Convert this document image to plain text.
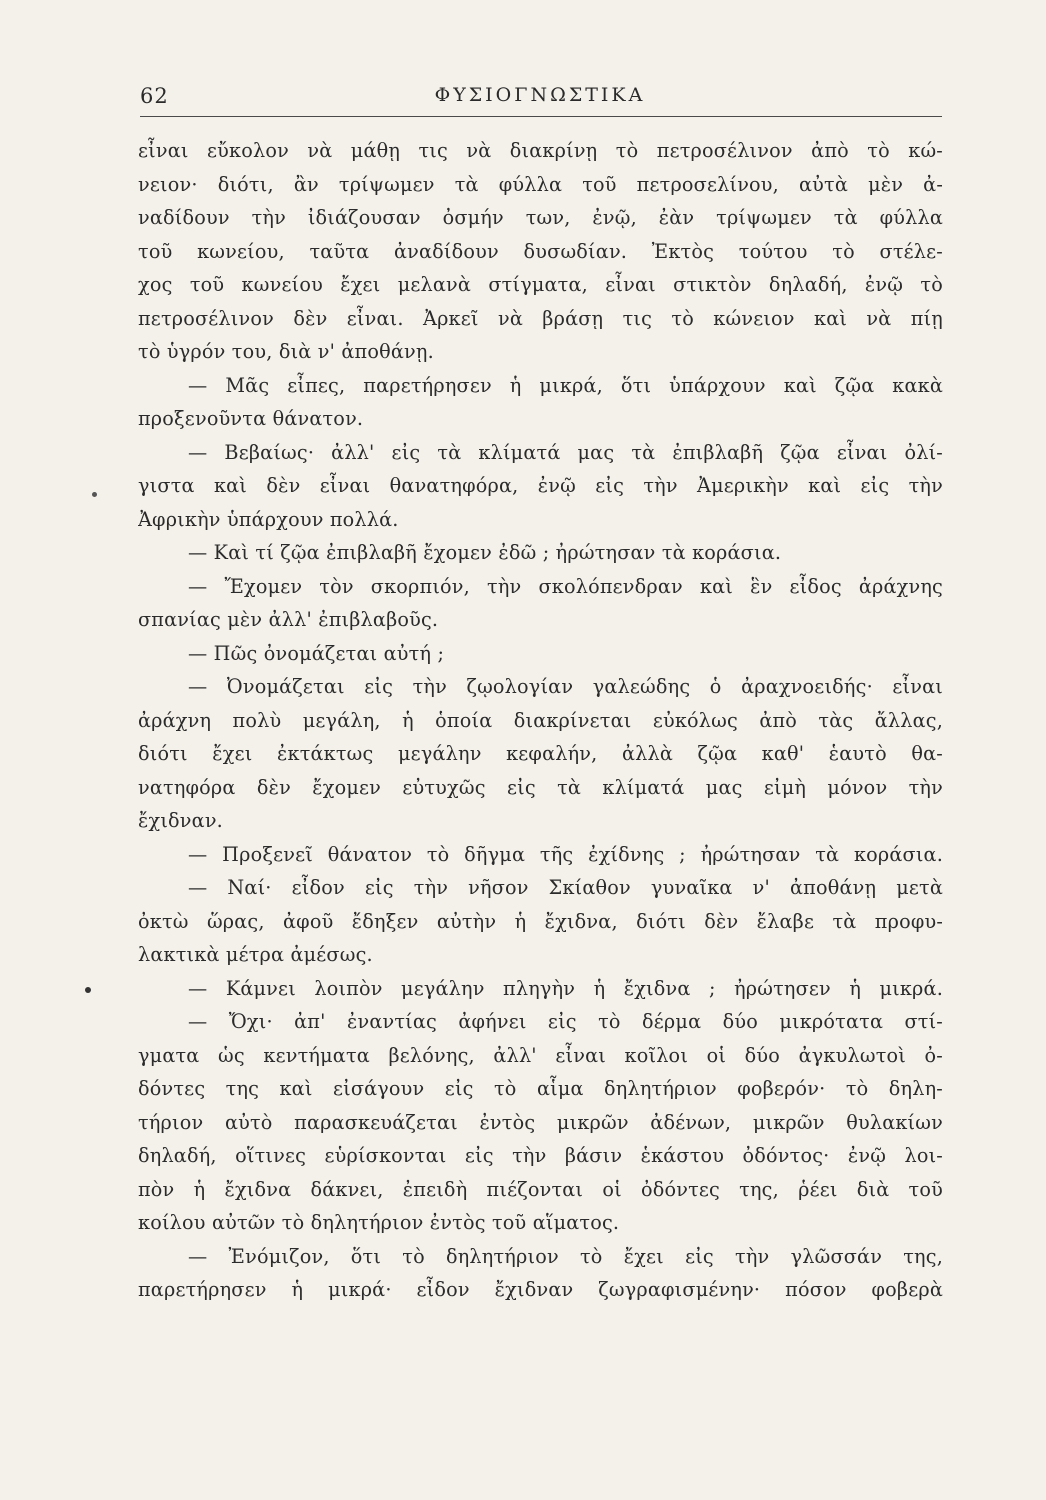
62	ΦΥΣΙΟΓΝΩΣΤΙΚΑ
εἶναι εὔκολον νὰ μάθῃ τις νὰ διακρίνῃ τὸ πετροσέλινον ἀπὸ τὸ κώ-
νειον· διότι, ἂν τρίψωμεν τὰ φύλλα τοῦ πετροσελίνου, αὐτὰ μὲν ἀ-
ναδίδουν τὴν ἰδιάζουσαν ὀσμήν των, ἐνῷ, ἐὰν τρίψωμεν τὰ φύλλα
τοῦ κωνείου, ταῦτα ἀναδίδουν δυσωδίαν. Ἐκτὸς τούτου τὸ στέλε-
χος τοῦ κωνείου ἔχει μελανὰ στίγματα, εἶναι στικτὸν δηλαδή, ἐνῷ τὸ
πετροσέλινον δὲν εἶναι. Ἀρκεῖ νὰ βράσῃ τις τὸ κώνειον καὶ νὰ πίῃ
τὸ ὑγρόν του, διὰ ν' ἀποθάνῃ.
— Μᾶς εἶπες, παρετήρησεν ἡ μικρά, ὅτι ὑπάρχουν καὶ ζῷα κακὰ
προξενοῦντα θάνατον.
— Βεβαίως· ἀλλ' εἰς τὰ κλίματά μας τὰ ἐπιβλαβῆ ζῷα εἶναι ὀλί-
γιστα καὶ δὲν εἶναι θανατηφόρα, ἐνῷ εἰς τὴν Ἀμερικὴν καὶ εἰς τὴν
Ἀφρικὴν ὑπάρχουν πολλά.
— Καὶ τί ζῷα ἐπιβλαβῆ ἔχομεν ἐδῶ ; ἠρώτησαν τὰ κοράσια.
— Ἔχομεν τὸν σκορπιόν, τὴν σκολόπενδραν καὶ ἓν εἶδος ἀράχνης
σπανίας μὲν ἀλλ' ἐπιβλαβοῦς.
— Πῶς ὀνομάζεται αὐτή ;
— Ὀνομάζεται εἰς τὴν ζῳολογίαν γαλεώδης ὁ ἀραχνοειδής· εἶναι
ἀράχνη πολὺ μεγάλη, ἡ ὁποία διακρίνεται εὐκόλως ἀπὸ τὰς ἄλλας,
διότι ἔχει ἐκτάκτως μεγάλην κεφαλήν, ἀλλὰ ζῷα καθ' ἑαυτὸ θα-
νατηφόρα δὲν ἔχομεν εὐτυχῶς εἰς τὰ κλίματά μας εἰμὴ μόνον τὴν
ἔχιδναν.
— Προξενεῖ θάνατον τὸ δῆγμα τῆς ἐχίδνης ; ἠρώτησαν τὰ κοράσια.
— Ναί· εἶδον εἰς τὴν νῆσον Σκίαθον γυναῖκα ν' ἀποθάνῃ μετὰ
ὀκτὼ ὥρας, ἀφοῦ ἔδηξεν αὐτὴν ἡ ἔχιδνα, διότι δὲν ἔλαβε τὰ προφυ-
λακτικὰ μέτρα ἀμέσως.
— Κάμνει λοιπὸν μεγάλην πληγὴν ἡ ἔχιδνα ; ἠρώτησεν ἡ μικρά.
— Ὄχι· ἀπ' ἐναντίας ἀφήνει εἰς τὸ δέρμα δύο μικρότατα στί-
γματα ὡς κεντήματα βελόνης, ἀλλ' εἶναι κοῖλοι οἱ δύο ἀγκυλωτοὶ ὀ-
δόντες της καὶ εἰσάγουν εἰς τὸ αἷμα δηλητήριον φοβερόν· τὸ δηλη-
τήριον αὐτὸ παρασκευάζεται ἐντὸς μικρῶν ἀδένων, μικρῶν θυλακίων
δηλαδή, οἵτινες εὑρίσκονται εἰς τὴν βάσιν ἑκάστου ὀδόντος· ἐνῷ λοι-
πὸν ἡ ἔχιδνα δάκνει, ἐπειδὴ πιέζονται οἱ ὀδόντες της, ῥέει διὰ τοῦ
κοίλου αὐτῶν τὸ δηλητήριον ἐντὸς τοῦ αἵματος.
— Ἐνόμιζον, ὅτι τὸ δηλητήριον τὸ ἔχει εἰς τὴν γλῶσσάν της,
παρετήρησεν ἡ μικρά· εἶδον ἔχιδναν ζωγραφισμένην· πόσον φοβερὰ
